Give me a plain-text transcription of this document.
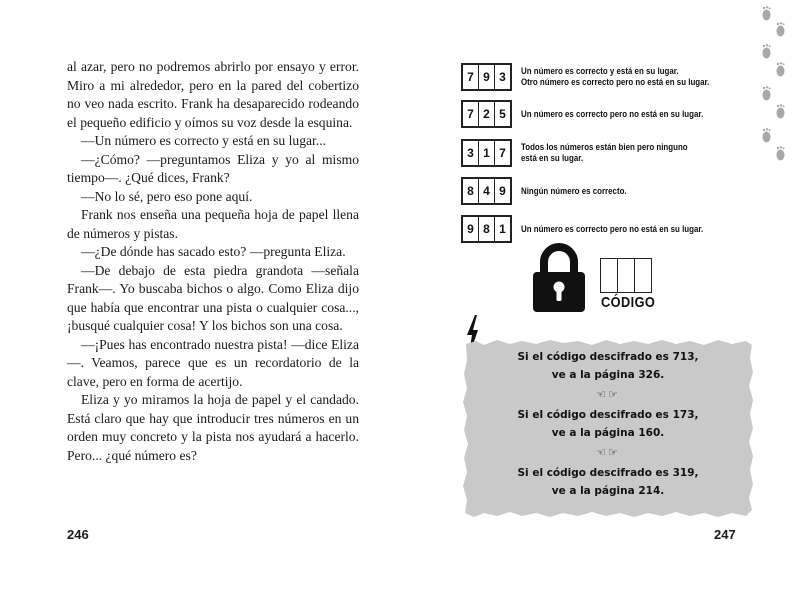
al azar, pero no podremos abrirlo por ensayo y error. Miro a mi alrededor, pero en la pared del cobertizo no veo nada escrito. Frank ha desaparecido rodeando el pequeño edificio y oímos su voz desde la esquina.

—Un número es correcto y está en su lugar...

—¿Cómo? —preguntamos Eliza y yo al mismo tiempo—. ¿Qué dices, Frank?

—No lo sé, pero eso pone aquí.

Frank nos enseña una pequeña hoja de papel llena de números y pistas.

—¿De dónde has sacado esto? —pregunta Eliza.

—De debajo de esta piedra grandota —señala Frank—. Yo buscaba bichos o algo. Como Eliza dijo que había que encontrar una pista o cualquier cosa..., ¡busqué cualquier cosa! Y los bichos son una cosa.

—¡Pues has encontrado nuestra pista! —dice Eliza—. Veamos, parece que es un recordatorio de la clave, pero en forma de acertijo.

Eliza y yo miramos la hoja de papel y el candado. Está claro que hay que introducir tres números en un orden muy concreto y la pista nos ayudará a hacerlo. Pero... ¿qué número es?

246
7 9 3	Un número es correcto y está en su lugar.
Otro número es correcto pero no está en su lugar.
7 2 5	Un número es correcto pero no está en su lugar.
3 1 7	Todos los números están bien pero ninguno
está en su lugar.
8 4 9	Ningún número es correcto.
9 8 1	Un número es correcto pero no está en su lugar.
CÓDIGO
Si el código descifrado es 713,
ve a la página 326.
☜☞
Si el código descifrado es 173,
ve a la página 160.
☜☞
Si el código descifrado es 319,
ve a la página 214.
247
